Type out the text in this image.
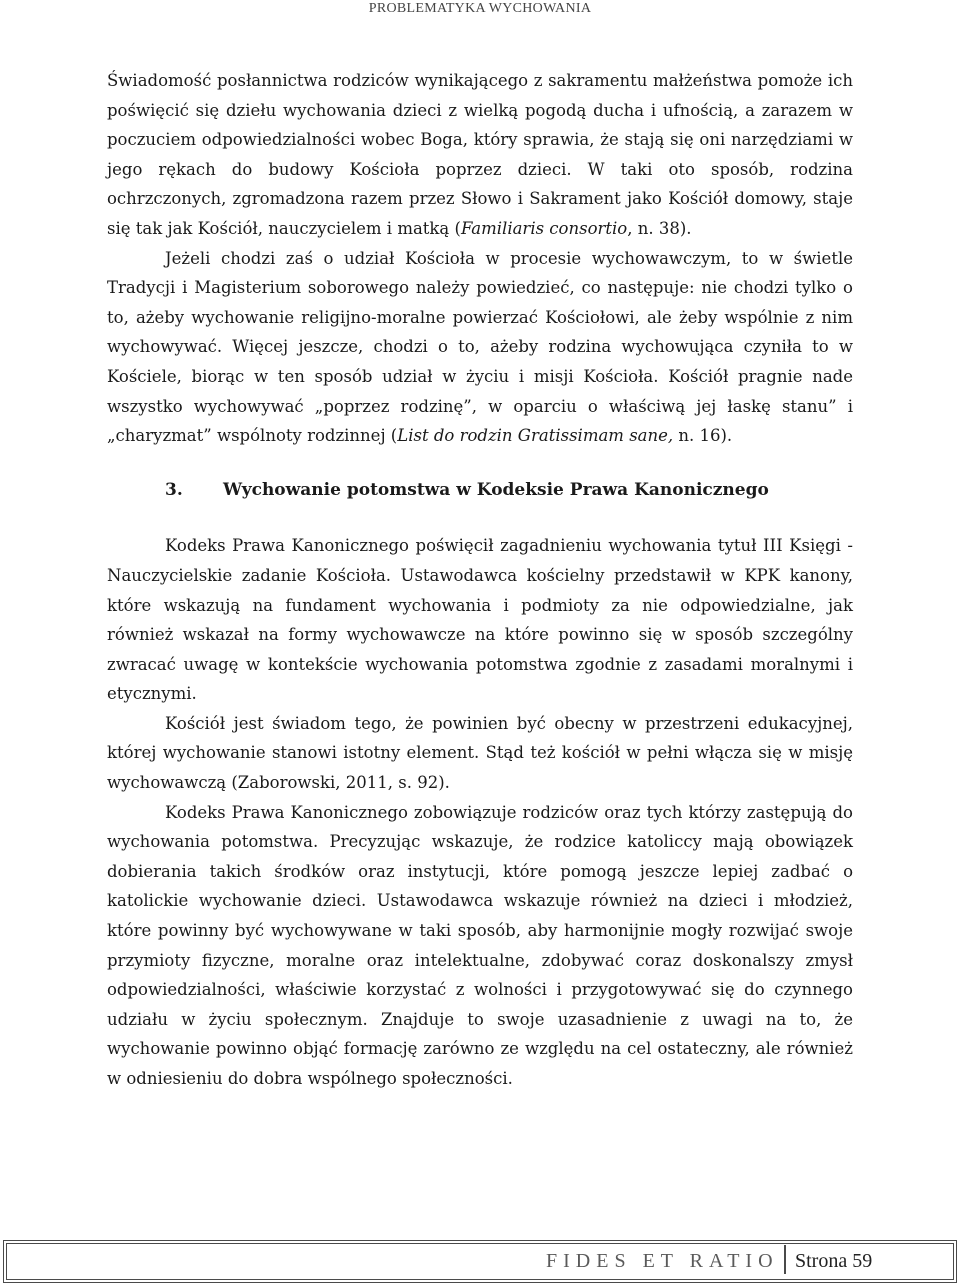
PROBLEMATYKA WYCHOWANIA

Świadomość posłannictwa rodziców wynikającego z sakramentu małżeństwa pomoże ich poświęcić się dziełu wychowania dzieci z wielką pogodą ducha i ufnością, a zarazem w poczuciem odpowiedzialności wobec Boga, który sprawia, że stają się oni narzędziami w jego rękach do budowy Kościoła poprzez dzieci. W taki oto sposób, rodzina ochrzczonych, zgromadzona razem przez Słowo i Sakrament jako Kościół domowy, staje się tak jak Kościół, nauczycielem i matką (Familiaris consortio, n. 38).

Jeżeli chodzi zaś o udział Kościoła w procesie wychowawczym, to w świetle Tradycji i Magisterium soborowego należy powiedzieć, co następuje: nie chodzi tylko o to, ażeby wychowanie religijno-moralne powierzać Kościołowi, ale żeby wspólnie z nim wychowywać. Więcej jeszcze, chodzi o to, ażeby rodzina wychowująca czyniła to w Kościele, biorąc w ten sposób udział w życiu i misji Kościoła. Kościół pragnie nade wszystko wychowywać „poprzez rodzinę”, w oparciu o właściwą jej łaskę stanu” i „charyzmat” wspólnoty rodzinnej (List do rodzin Gratissimam sane, n. 16).

3. Wychowanie potomstwa w Kodeksie Prawa Kanonicznego

Kodeks Prawa Kanonicznego poświęcił zagadnieniu wychowania tytuł III Księgi - Nauczycielskie zadanie Kościoła. Ustawodawca kościelny przedstawił w KPK kanony, które wskazują na fundament wychowania i podmioty za nie odpowiedzialne, jak również wskazał na formy wychowawcze na które powinno się w sposób szczególny zwracać uwagę w kontekście wychowania potomstwa zgodnie z zasadami moralnymi i etycznymi.

Kościół jest świadom tego, że powinien być obecny w przestrzeni edukacyjnej, której wychowanie stanowi istotny element. Stąd też kościół w pełni włącza się w misję wychowawczą (Zaborowski, 2011, s. 92).

Kodeks Prawa Kanonicznego zobowiązuje rodziców oraz tych którzy zastępują do wychowania potomstwa. Precyzując wskazuje, że rodzice katoliccy mają obowiązek dobierania takich środków oraz instytucji, które pomogą jeszcze lepiej zadbać o katolickie wychowanie dzieci. Ustawodawca wskazuje również na dzieci i młodzież, które powinny być wychowywane w taki sposób, aby harmonijnie mogły rozwijać swoje przymioty fizyczne, moralne oraz intelektualne, zdobywać coraz doskonalszy zmysł odpowiedzialności, właściwie korzystać z wolności i przygotowywać się do czynnego udziału w życiu społecznym. Znajduje to swoje uzasadnienie z uwagi na to, że wychowanie powinno objąć formację zarówno ze względu na cel ostateczny, ale również w odniesieniu do dobra wspólnego społeczności.

FIDES ET RATIO Strona 59
